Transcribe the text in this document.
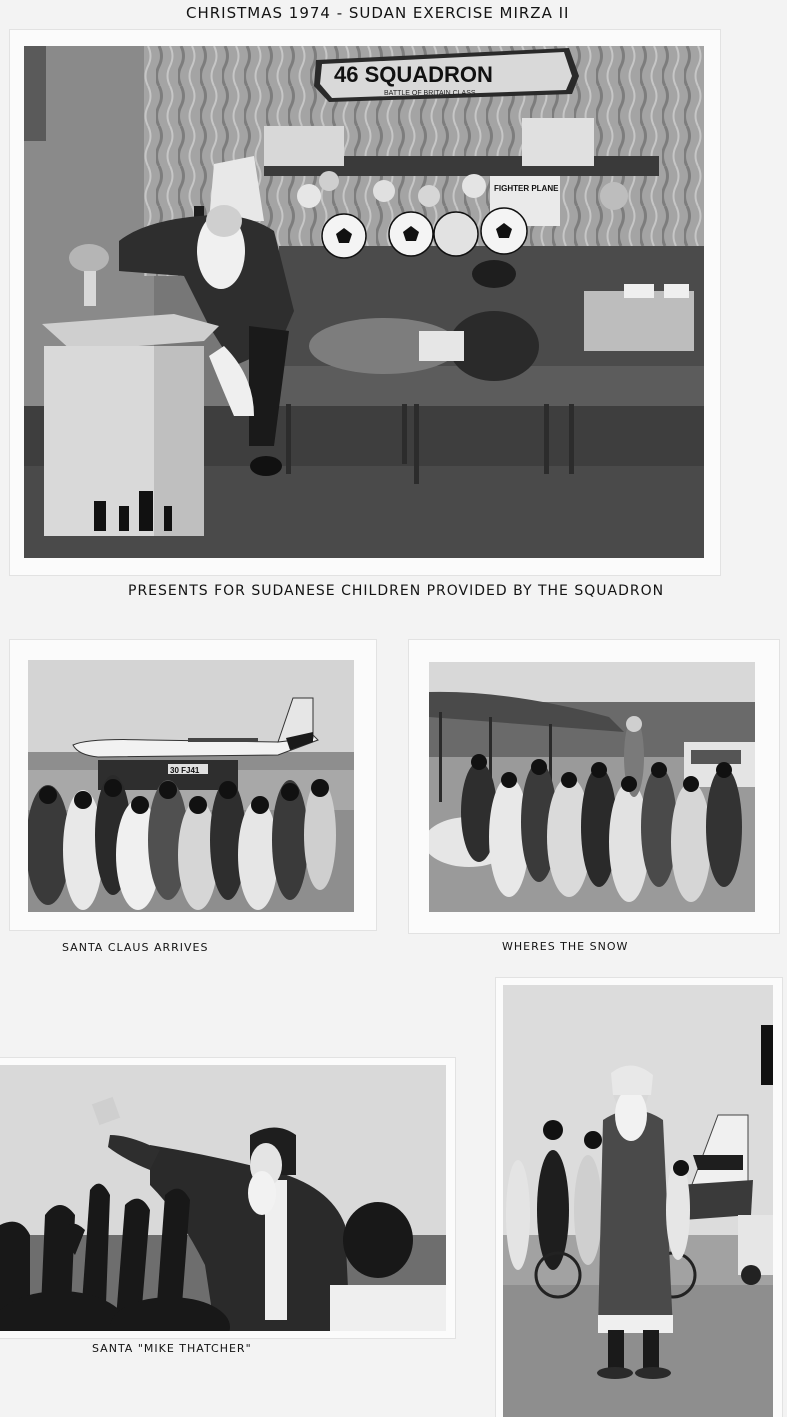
CHRISTMAS 1974 - SUDAN EXERCISE MIRZA II
46 SQUADRON
BATTLE OF BRITAIN CLASS
FIGHTER PLANE
PRESENTS FOR SUDANESE CHILDREN PROVIDED BY THE SQUADRON
30 FJ41
SANTA CLAUS ARRIVES	WHERES THE SNOW
SANTA "MIKE THATCHER"
